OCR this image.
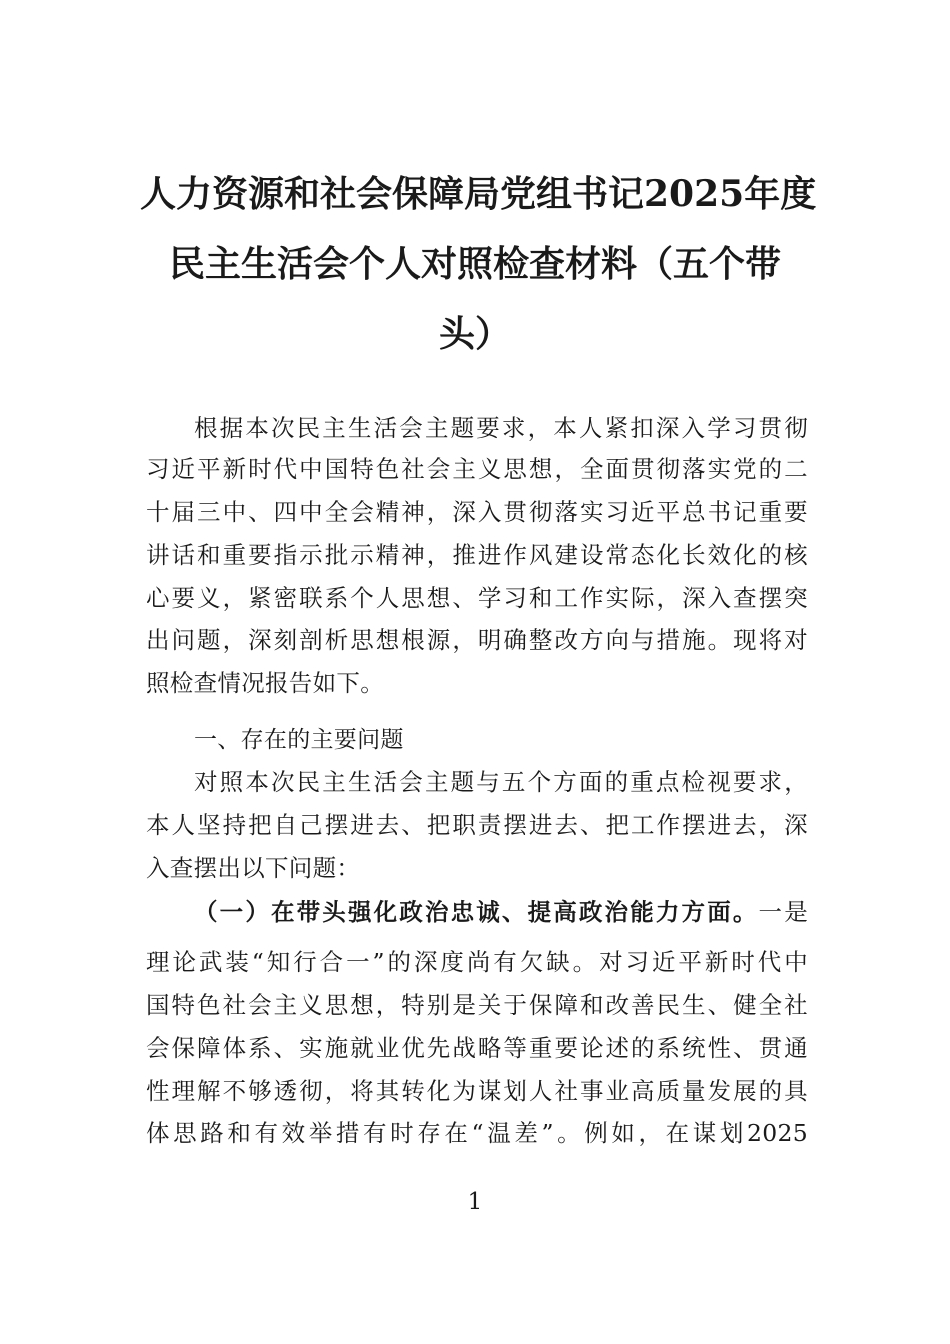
人力资源和社会保障局党组书记2025年度
民主生活会个人对照检查材料（五个带
头）
根据本次民主生活会主题要求，本人紧扣深入学习贯彻
习近平新时代中国特色社会主义思想，全面贯彻落实党的二
十届三中、四中全会精神，深入贯彻落实习近平总书记重要
讲话和重要指示批示精神，推进作风建设常态化长效化的核
心要义，紧密联系个人思想、学习和工作实际，深入查摆突
出问题，深刻剖析思想根源，明确整改方向与措施。现将对
照检查情况报告如下。
一、存在的主要问题
对照本次民主生活会主题与五个方面的重点检视要求，
本人坚持把自己摆进去、把职责摆进去、把工作摆进去，深
入查摆出以下问题：
（一）在带头强化政治忠诚、提高政治能力方面。一是
理论武装“知行合一”的深度尚有欠缺。对习近平新时代中
国特色社会主义思想，特别是关于保障和改善民生、健全社
会保障体系、实施就业优先战略等重要论述的系统性、贯通
性理解不够透彻，将其转化为谋划人社事业高质量发展的具
体思路和有效举措有时存在“温差”。例如，在谋划2025
1
